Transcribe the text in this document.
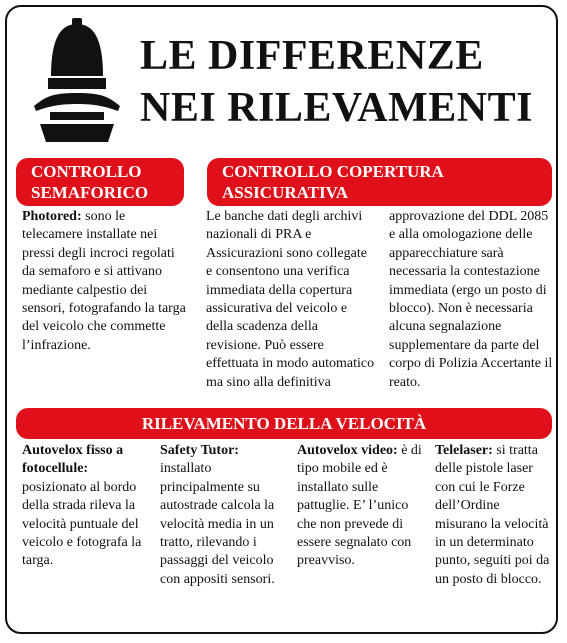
LE DIFFERENZE
NEI RILEVAMENTI
CONTROLLO SEMAFORICO
CONTROLLO COPERTURA ASSICURATIVA

Photored: sono le telecamere installate nei pressi degli incroci regolati da semaforo e si attivano mediante calpestio dei sensori, fotografando la targa del veicolo che commette l’infrazione.

Le banche dati degli archivi nazionali di PRA e Assicurazioni sono collegate e consentono una verifica immediata della copertura assicurativa del veicolo e della scadenza della revisione. Può essere effettuata in modo automatico ma sino alla definitiva

approvazione del DDL 2085 e alla omologazione delle apparecchiature sarà necessaria la contestazione immediata (ergo un posto di blocco). Non è necessaria alcuna segnalazione supplementare da parte del corpo di Polizia Accertante il reato.

RILEVAMENTO DELLA VELOCITÀ

Autovelox fisso a fotocellule: posizionato al bordo della strada rileva la velocità puntuale del veicolo e fotografa la targa.

Safety Tutor: installato principalmente su autostrade calcola la velocità media in un tratto, rilevando i passaggi del veicolo con appositi sensori.

Autovelox video: è di tipo mobile ed è installato sulle pattuglie. E’ l’unico che non prevede di essere segnalato con preavviso.

Telelaser: si tratta delle pistole laser con cui le Forze dell’Ordine misurano la velocità in un determinato punto, seguiti poi da un posto di blocco.
